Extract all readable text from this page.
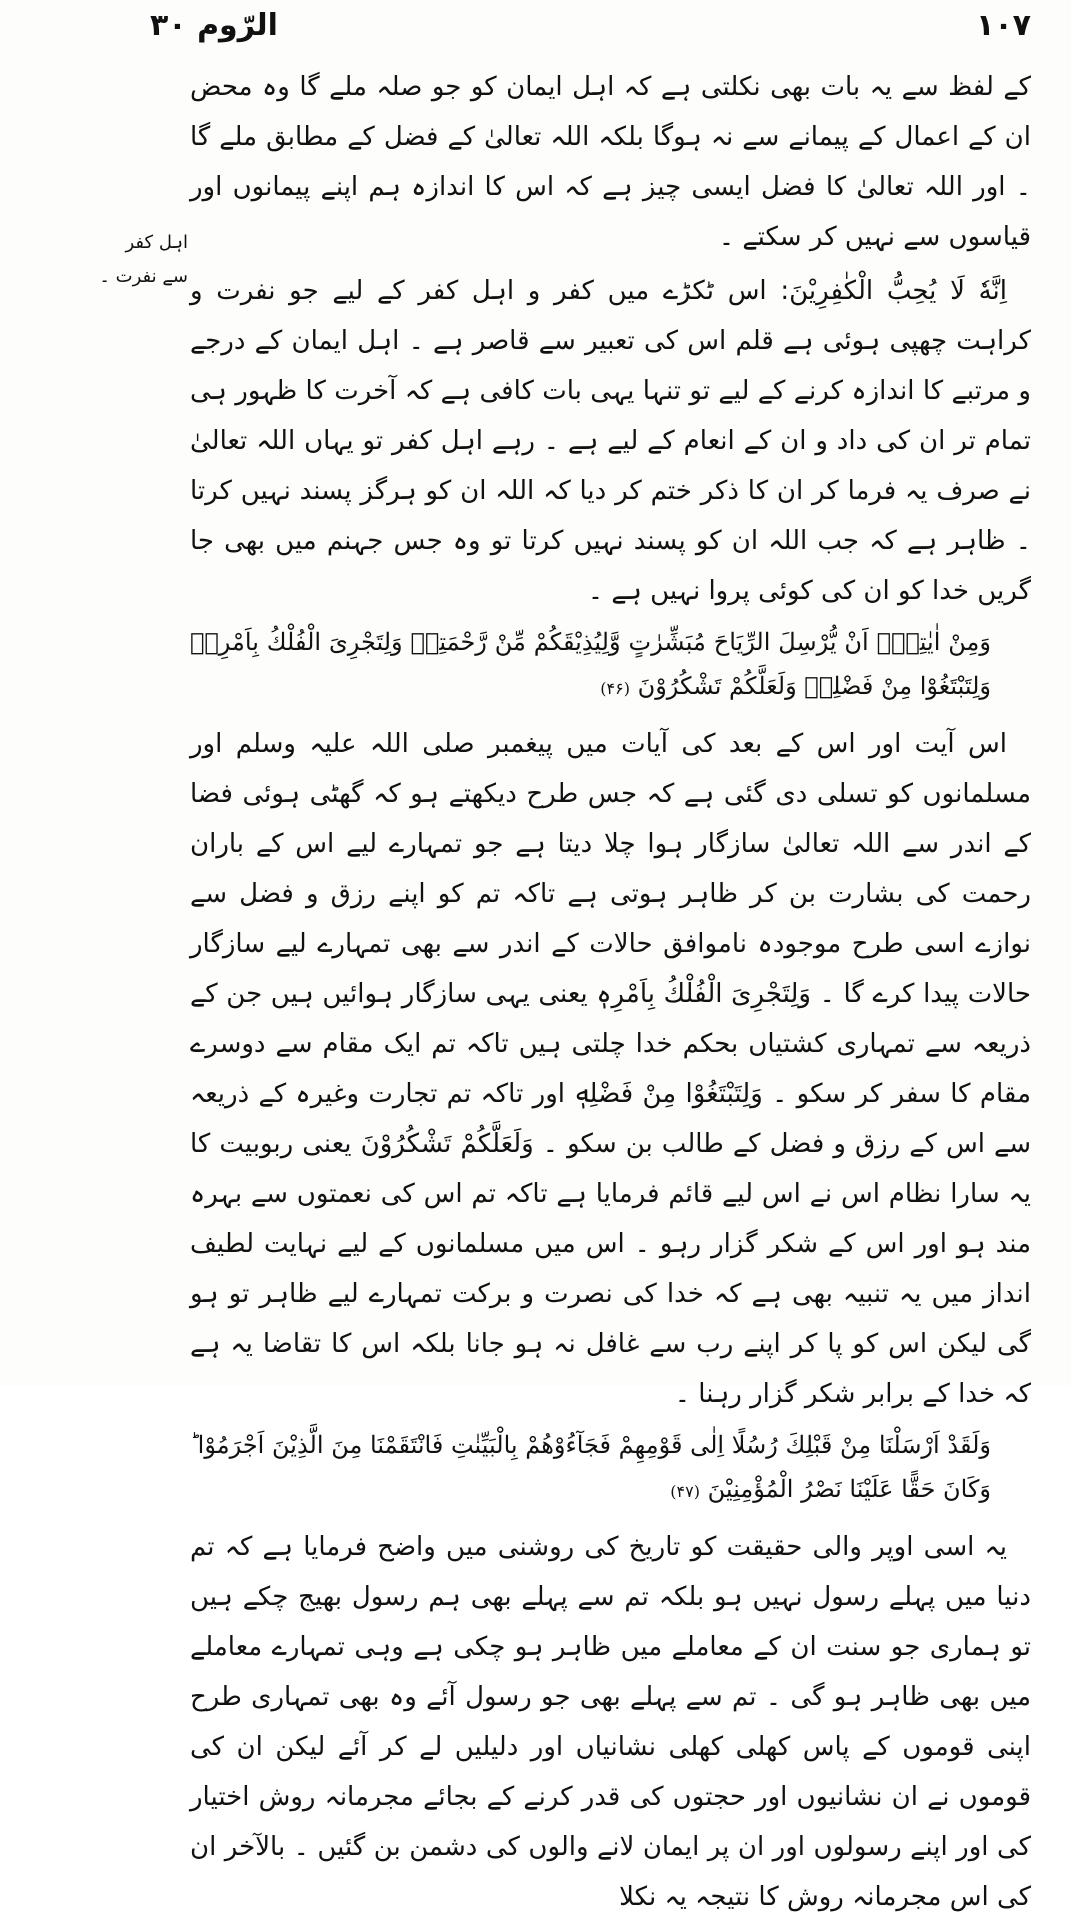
الرّوم ۳۰	۱۰۷
اہل کفر سے نفرت ۔

کے لفظ سے یہ بات بھی نکلتی ہے کہ اہل ایمان کو جو صلہ ملے گا وہ محض ان کے اعمال کے پیمانے سے نہ ہوگا بلکہ اللہ تعالیٰ کے فضل کے مطابق ملے گا ۔ اور اللہ تعالیٰ کا فضل ایسی چیز ہے کہ اس کا اندازہ ہم اپنے پیمانوں اور قیاسوں سے نہیں کر سکتے ۔

اِنَّهٗ لَا یُحِبُّ الْكٰفِرِیْنَ: اس ٹکڑے میں کفر و اہل کفر کے لیے جو نفرت و کراہت چھپی ہوئی ہے قلم اس کی تعبیر سے قاصر ہے ۔ اہل ایمان کے درجے و مرتبے کا اندازہ کرنے کے لیے تو تنہا یہی بات کافی ہے کہ آخرت کا ظہور ہی تمام تر ان کی داد و ان کے انعام کے لیے ہے ۔ رہے اہل کفر تو یہاں اللہ تعالیٰ نے صرف یہ فرما کر ان کا ذکر ختم کر دیا کہ اللہ ان کو ہرگز پسند نہیں کرتا ۔ ظاہر ہے کہ جب اللہ ان کو پسند نہیں کرتا تو وہ جس جہنم میں بھی جا گریں خدا کو ان کی کوئی پروا نہیں ہے ۔

وَمِنْ اٰیٰتِهٖۤ اَنْ یُّرْسِلَ الرِّیَاحَ مُبَشِّرٰتٍ وَّلِیُذِیْقَكُمْ مِّنْ رَّحْمَتِهٖ وَلِتَجْرِیَ الْفُلْكُ بِاَمْرِهٖ وَلِتَبْتَغُوْا مِنْ فَضْلِهٖ وَلَعَلَّكُمْ تَشْكُرُوْنَ (۴۶)

اس آیت اور اس کے بعد کی آیات میں پیغمبر صلی اللہ علیہ وسلم اور مسلمانوں کو تسلی دی گئی ہے کہ جس طرح دیکھتے ہو کہ گھٹی ہوئی فضا کے اندر سے اللہ تعالیٰ سازگار ہوا چلا دیتا ہے جو تمہارے لیے اس کے باران رحمت کی بشارت بن کر ظاہر ہوتی ہے تاکہ تم کو اپنے رزق و فضل سے نوازے اسی طرح موجودہ ناموافق حالات کے اندر سے بھی تمہارے لیے سازگار حالات پیدا کرے گا ۔ وَلِتَجْرِیَ الْفُلْكُ بِاَمْرِهٖ یعنی یہی سازگار ہوائیں ہیں جن کے ذریعہ سے تمہاری کشتیاں بحکم خدا چلتی ہیں تاکہ تم ایک مقام سے دوسرے مقام کا سفر کر سکو ۔ وَلِتَبْتَغُوْا مِنْ فَضْلِهٖ اور تاکہ تم تجارت وغیرہ کے ذریعہ سے اس کے رزق و فضل کے طالب بن سکو ۔ وَلَعَلَّكُمْ تَشْكُرُوْنَ یعنی ربوبیت کا یہ سارا نظام اس نے اس لیے قائم فرمایا ہے تاکہ تم اس کی نعمتوں سے بہرہ مند ہو اور اس کے شکر گزار رہو ۔ اس میں مسلمانوں کے لیے نہایت لطیف انداز میں یہ تنبیہ بھی ہے کہ خدا کی نصرت و برکت تمہارے لیے ظاہر تو ہو گی لیکن اس کو پا کر اپنے رب سے غافل نہ ہو جانا بلکہ اس کا تقاضا یہ ہے کہ خدا کے برابر شکر گزار رہنا ۔

وَلَقَدْ اَرْسَلْنَا مِنْ قَبْلِكَ رُسُلًا اِلٰى قَوْمِهِمْ فَجَآءُوْهُمْ بِالْبَیِّنٰتِ فَانْتَقَمْنَا مِنَ الَّذِیْنَ اَجْرَمُوْا ؕ وَكَانَ حَقًّا عَلَیْنَا نَصْرُ الْمُؤْمِنِیْنَ (۴۷)

یہ اسی اوپر والی حقیقت کو تاریخ کی روشنی میں واضح فرمایا ہے کہ تم دنیا میں پہلے رسول نہیں ہو بلکہ تم سے پہلے بھی ہم رسول بھیج چکے ہیں تو ہماری جو سنت ان کے معاملے میں ظاہر ہو چکی ہے وہی تمہارے معاملے میں بھی ظاہر ہو گی ۔ تم سے پہلے بھی جو رسول آئے وہ بھی تمہاری طرح اپنی قوموں کے پاس کھلی کھلی نشانیاں اور دلیلیں لے کر آئے لیکن ان کی قوموں نے ان نشانیوں اور حجتوں کی قدر کرنے کے بجائے مجرمانہ روش اختیار کی اور اپنے رسولوں اور ان پر ایمان لانے والوں کی دشمن بن گئیں ۔ بالآخر ان کی اس مجرمانہ روش کا نتیجہ یہ نکلا
